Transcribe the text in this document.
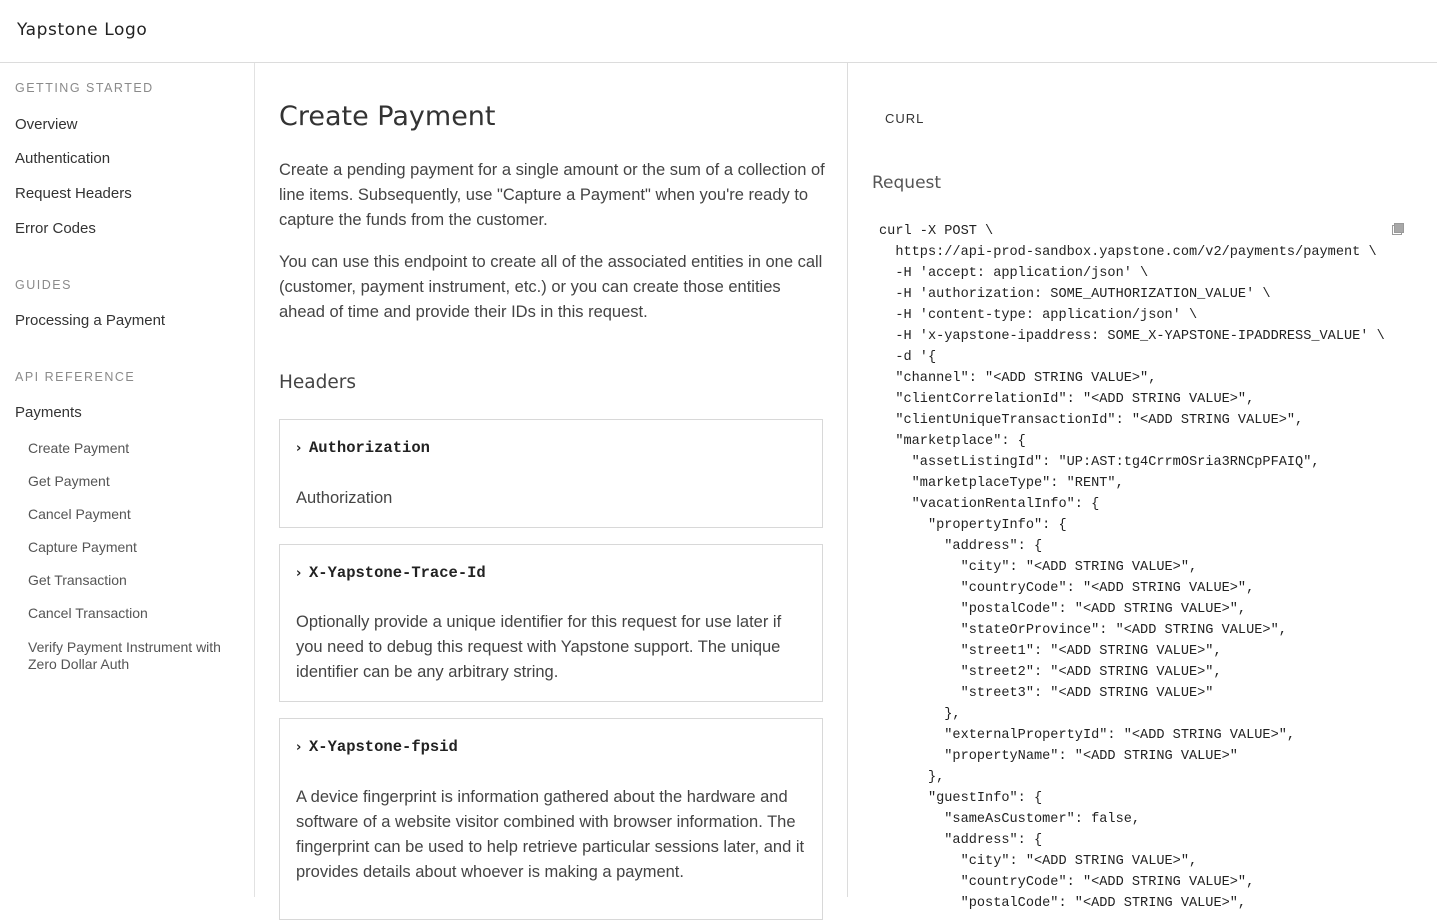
Yapstone Logo
GETTING STARTED
Overview
Authentication
Request Headers
Error Codes
GUIDES
Processing a Payment
API REFERENCE
Payments
Create Payment
Get Payment
Cancel Payment
Capture Payment
Get Transaction
Cancel Transaction
Verify Payment Instrument with Zero Dollar Auth
Create Payment

Create a pending payment for a single amount or the sum of a collection of line items. Subsequently, use "Capture a Payment" when you're ready to capture the funds from the customer.

You can use this endpoint to create all of the associated entities in one call (customer, payment instrument, etc.) or you can create those entities ahead of time and provide their IDs in this request.

Headers
› Authorization

Authorization

› X-Yapstone-Trace-Id

Optionally provide a unique identifier for this request for use later if you need to debug this request with Yapstone support. The unique identifier can be any arbitrary string.

› X-Yapstone-fpsid

A device fingerprint is information gathered about the hardware and software of a website visitor combined with browser information. The fingerprint can be used to help retrieve particular sessions later, and it provides details about whoever is making a payment.

CURL
Request
curl -X POST \
https://api-prod-sandbox.yapstone.com/v2/payments/payment \
-H 'accept: application/json' \
-H 'authorization: SOME_AUTHORIZATION_VALUE' \
-H 'content-type: application/json' \
-H 'x-yapstone-ipaddress: SOME_X-YAPSTONE-IPADDRESS_VALUE' \
-d '{
"channel": "<ADD STRING VALUE>",
"clientCorrelationId": "<ADD STRING VALUE>",
"clientUniqueTransactionId": "<ADD STRING VALUE>",
"marketplace": {
"assetListingId": "UP:AST:tg4CrrmOSria3RNCpPFAIQ",
"marketplaceType": "RENT",
"vacationRentalInfo": {
"propertyInfo": {
"address": {
"city": "<ADD STRING VALUE>",
"countryCode": "<ADD STRING VALUE>",
"postalCode": "<ADD STRING VALUE>",
"stateOrProvince": "<ADD STRING VALUE>",
"street1": "<ADD STRING VALUE>",
"street2": "<ADD STRING VALUE>",
"street3": "<ADD STRING VALUE>"
},
"externalPropertyId": "<ADD STRING VALUE>",
"propertyName": "<ADD STRING VALUE>"
},
"guestInfo": {
"sameAsCustomer": false,
"address": {
"city": "<ADD STRING VALUE>",
"countryCode": "<ADD STRING VALUE>",
"postalCode": "<ADD STRING VALUE>",
